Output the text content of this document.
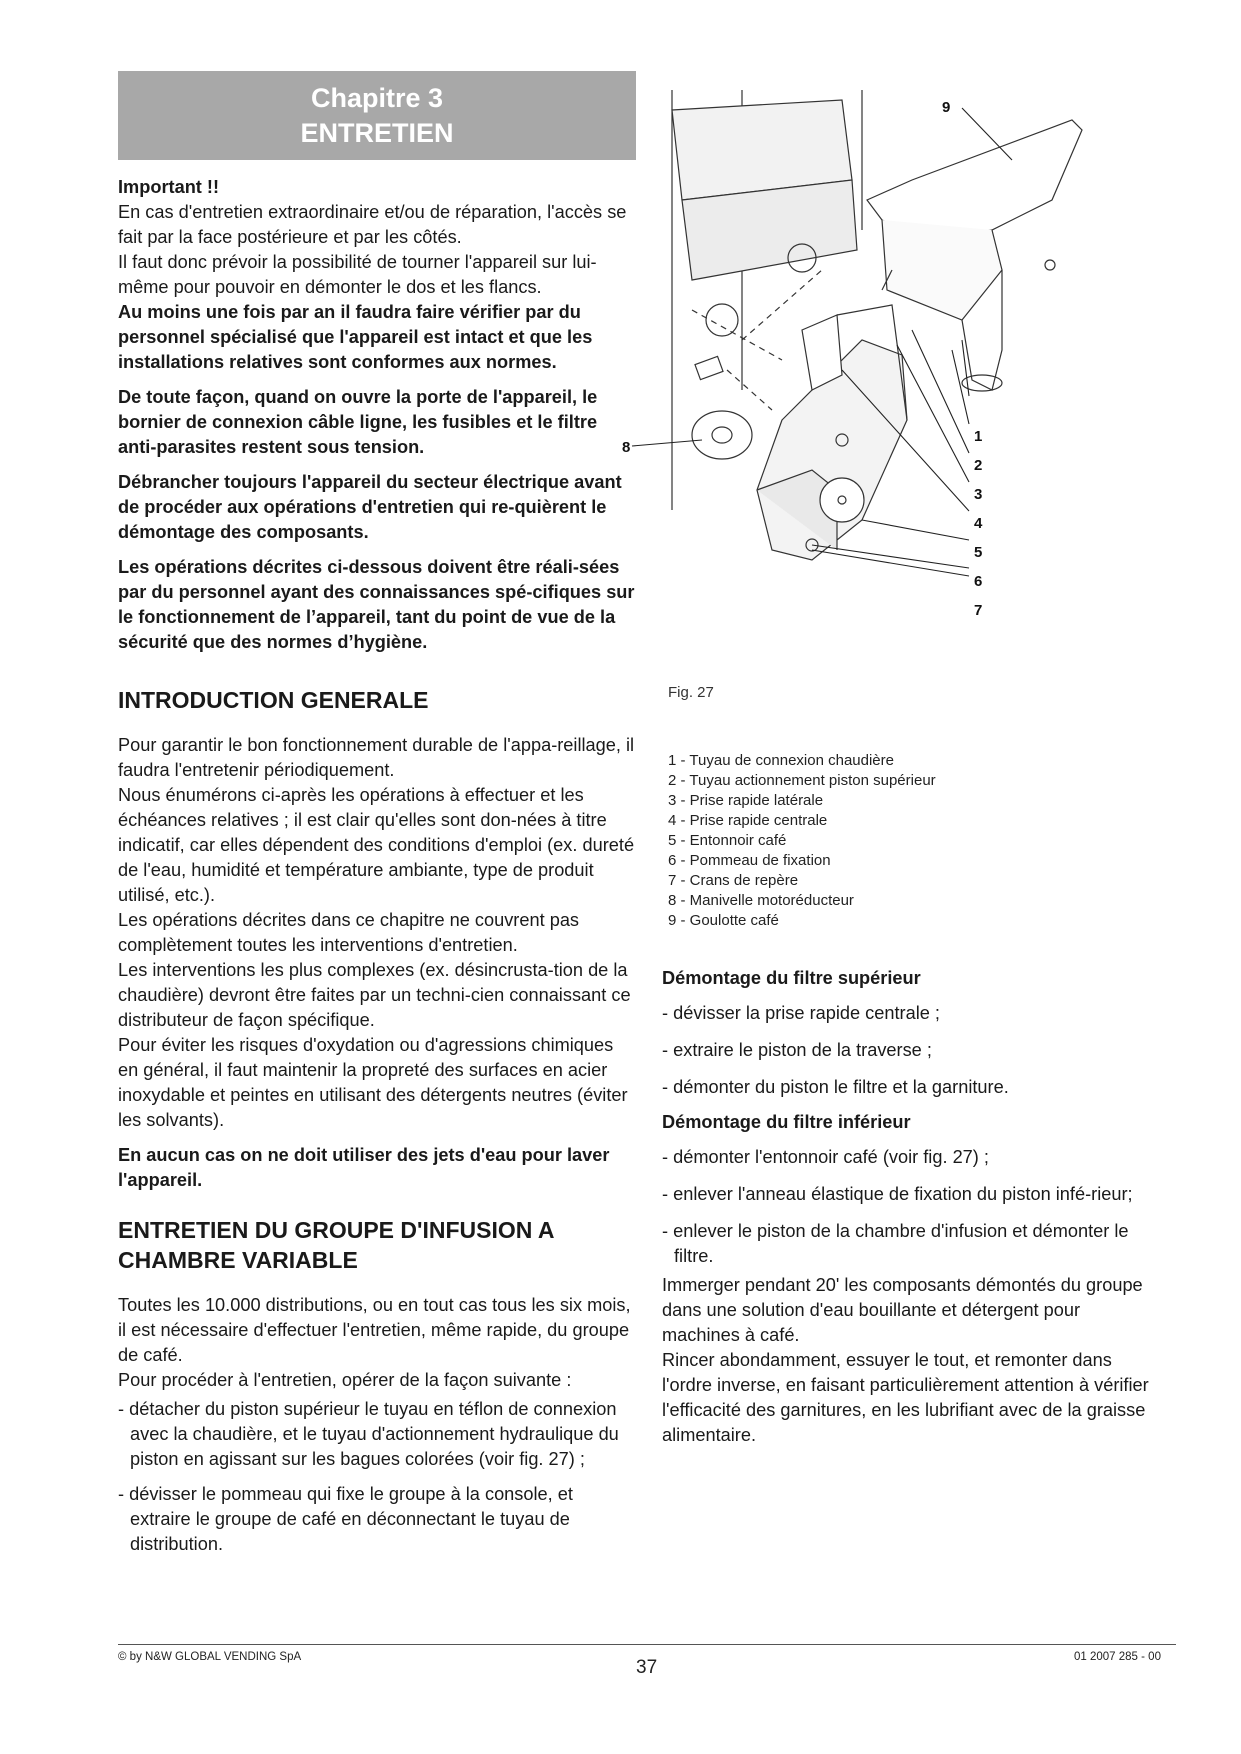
Chapitre 3
ENTRETIEN

Important !!

En cas d'entretien extraordinaire et/ou de réparation, l'accès se fait par la face postérieure et par les côtés.

Il faut donc prévoir la possibilité de tourner l'appareil sur lui-même pour pouvoir en démonter le dos et les flancs.

Au moins une fois par an il faudra faire vérifier par du personnel spécialisé que l'appareil est intact et que les installations relatives sont conformes aux normes.

De toute façon, quand on ouvre la porte de l'appareil, le bornier de connexion câble ligne, les fusibles et le filtre anti-parasites restent sous tension.

Débrancher toujours l'appareil du secteur électrique avant de procéder aux opérations d'entretien qui re-quièrent le démontage des composants.

Les opérations décrites ci-dessous doivent être réali-sées par du personnel ayant des connaissances spé-cifiques sur le fonctionnement de l’appareil, tant du point de vue de la sécurité que des normes d’hygiène.

INTRODUCTION GENERALE

Pour garantir le bon fonctionnement durable de l'appa-reillage, il faudra l'entretenir périodiquement.

Nous énumérons ci-après les opérations à effectuer et les échéances relatives ; il est clair qu'elles sont don-nées à titre indicatif, car elles dépendent des conditions d'emploi (ex. dureté de l'eau, humidité et température ambiante, type de produit utilisé, etc.).

Les opérations décrites dans ce chapitre ne couvrent pas complètement toutes les interventions d'entretien.

Les interventions les plus complexes (ex. désincrusta-tion de la chaudière) devront être faites par un techni-cien connaissant ce distributeur de façon spécifique.

Pour éviter les risques d'oxydation ou d'agressions chimiques en général, il faut maintenir la propreté des surfaces en acier inoxydable et peintes en utilisant des détergents neutres (éviter les solvants).

En aucun cas on ne doit utiliser des jets d'eau pour laver l'appareil.

ENTRETIEN DU GROUPE D'INFUSION A CHAMBRE VARIABLE

Toutes les 10.000 distributions, ou en tout cas tous les six mois, il est nécessaire d'effectuer l'entretien, même rapide, du groupe de café.

Pour procéder à l'entretien, opérer de la façon suivante :

- détacher du piston supérieur le tuyau en téflon de connexion avec la chaudière, et le tuyau d'actionnement hydraulique du piston en agissant sur les bagues colorées (voir fig. 27) ;

- dévisser le pommeau qui fixe le groupe à la console, et extraire le groupe de café en déconnectant le tuyau de distribution.

9
8
1
2
3
4
5
6
7
Fig. 27
1 - Tuyau de connexion chaudière
2 - Tuyau actionnement piston supérieur
3 - Prise rapide latérale
4 - Prise rapide centrale
5 - Entonnoir café
6 - Pommeau de fixation
7 - Crans de repère
8 - Manivelle motoréducteur
9 - Goulotte café

Démontage du filtre supérieur

- dévisser la prise rapide centrale ;

- extraire le piston de la traverse ;

- démonter du piston le filtre et la garniture.

Démontage du filtre inférieur

- démonter l'entonnoir café (voir fig. 27) ;

- enlever l'anneau élastique de fixation du piston infé-rieur;

- enlever le piston de la chambre d'infusion et démonter le filtre.

Immerger pendant 20' les composants démontés du groupe dans une solution d'eau bouillante et détergent pour machines à café.

Rincer abondamment, essuyer le tout, et remonter dans l'ordre inverse, en faisant particulièrement attention à vérifier l'efficacité des garnitures, en les lubrifiant avec de la graisse alimentaire.

© by N&W GLOBAL VENDING SpA	37	01 2007 285 - 00
